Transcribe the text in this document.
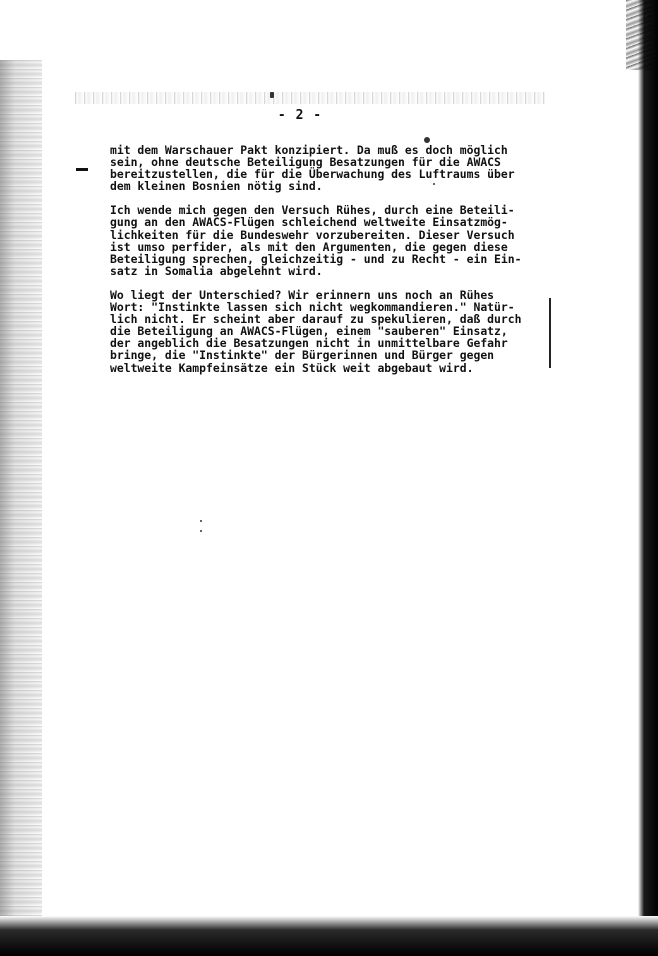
- 2 -
mit dem Warschauer Pakt konzipiert. Da muß es doch möglich
sein, ohne deutsche Beteiligung Besatzungen für die AWACS
bereitzustellen, die für die Überwachung des Luftraums über
dem kleinen Bosnien nötig sind.
Ich wende mich gegen den Versuch Rühes, durch eine Beteili-
gung an den AWACS-Flügen schleichend weltweite Einsatzmög-
lichkeiten für die Bundeswehr vorzubereiten. Dieser Versuch
ist umso perfider, als mit den Argumenten, die gegen diese
Beteiligung sprechen, gleichzeitig - und zu Recht - ein Ein-
satz in Somalia abgelehnt wird.
Wo liegt der Unterschied? Wir erinnern uns noch an Rühes
Wort: "Instinkte lassen sich nicht wegkommandieren." Natür-
lich nicht. Er scheint aber darauf zu spekulieren, daß durch
die Beteiligung an AWACS-Flügen, einem "sauberen" Einsatz,
der angeblich die Besatzungen nicht in unmittelbare Gefahr
bringe, die "Instinkte" der Bürgerinnen und Bürger gegen
weltweite Kampfeinsätze ein Stück weit abgebaut wird.
